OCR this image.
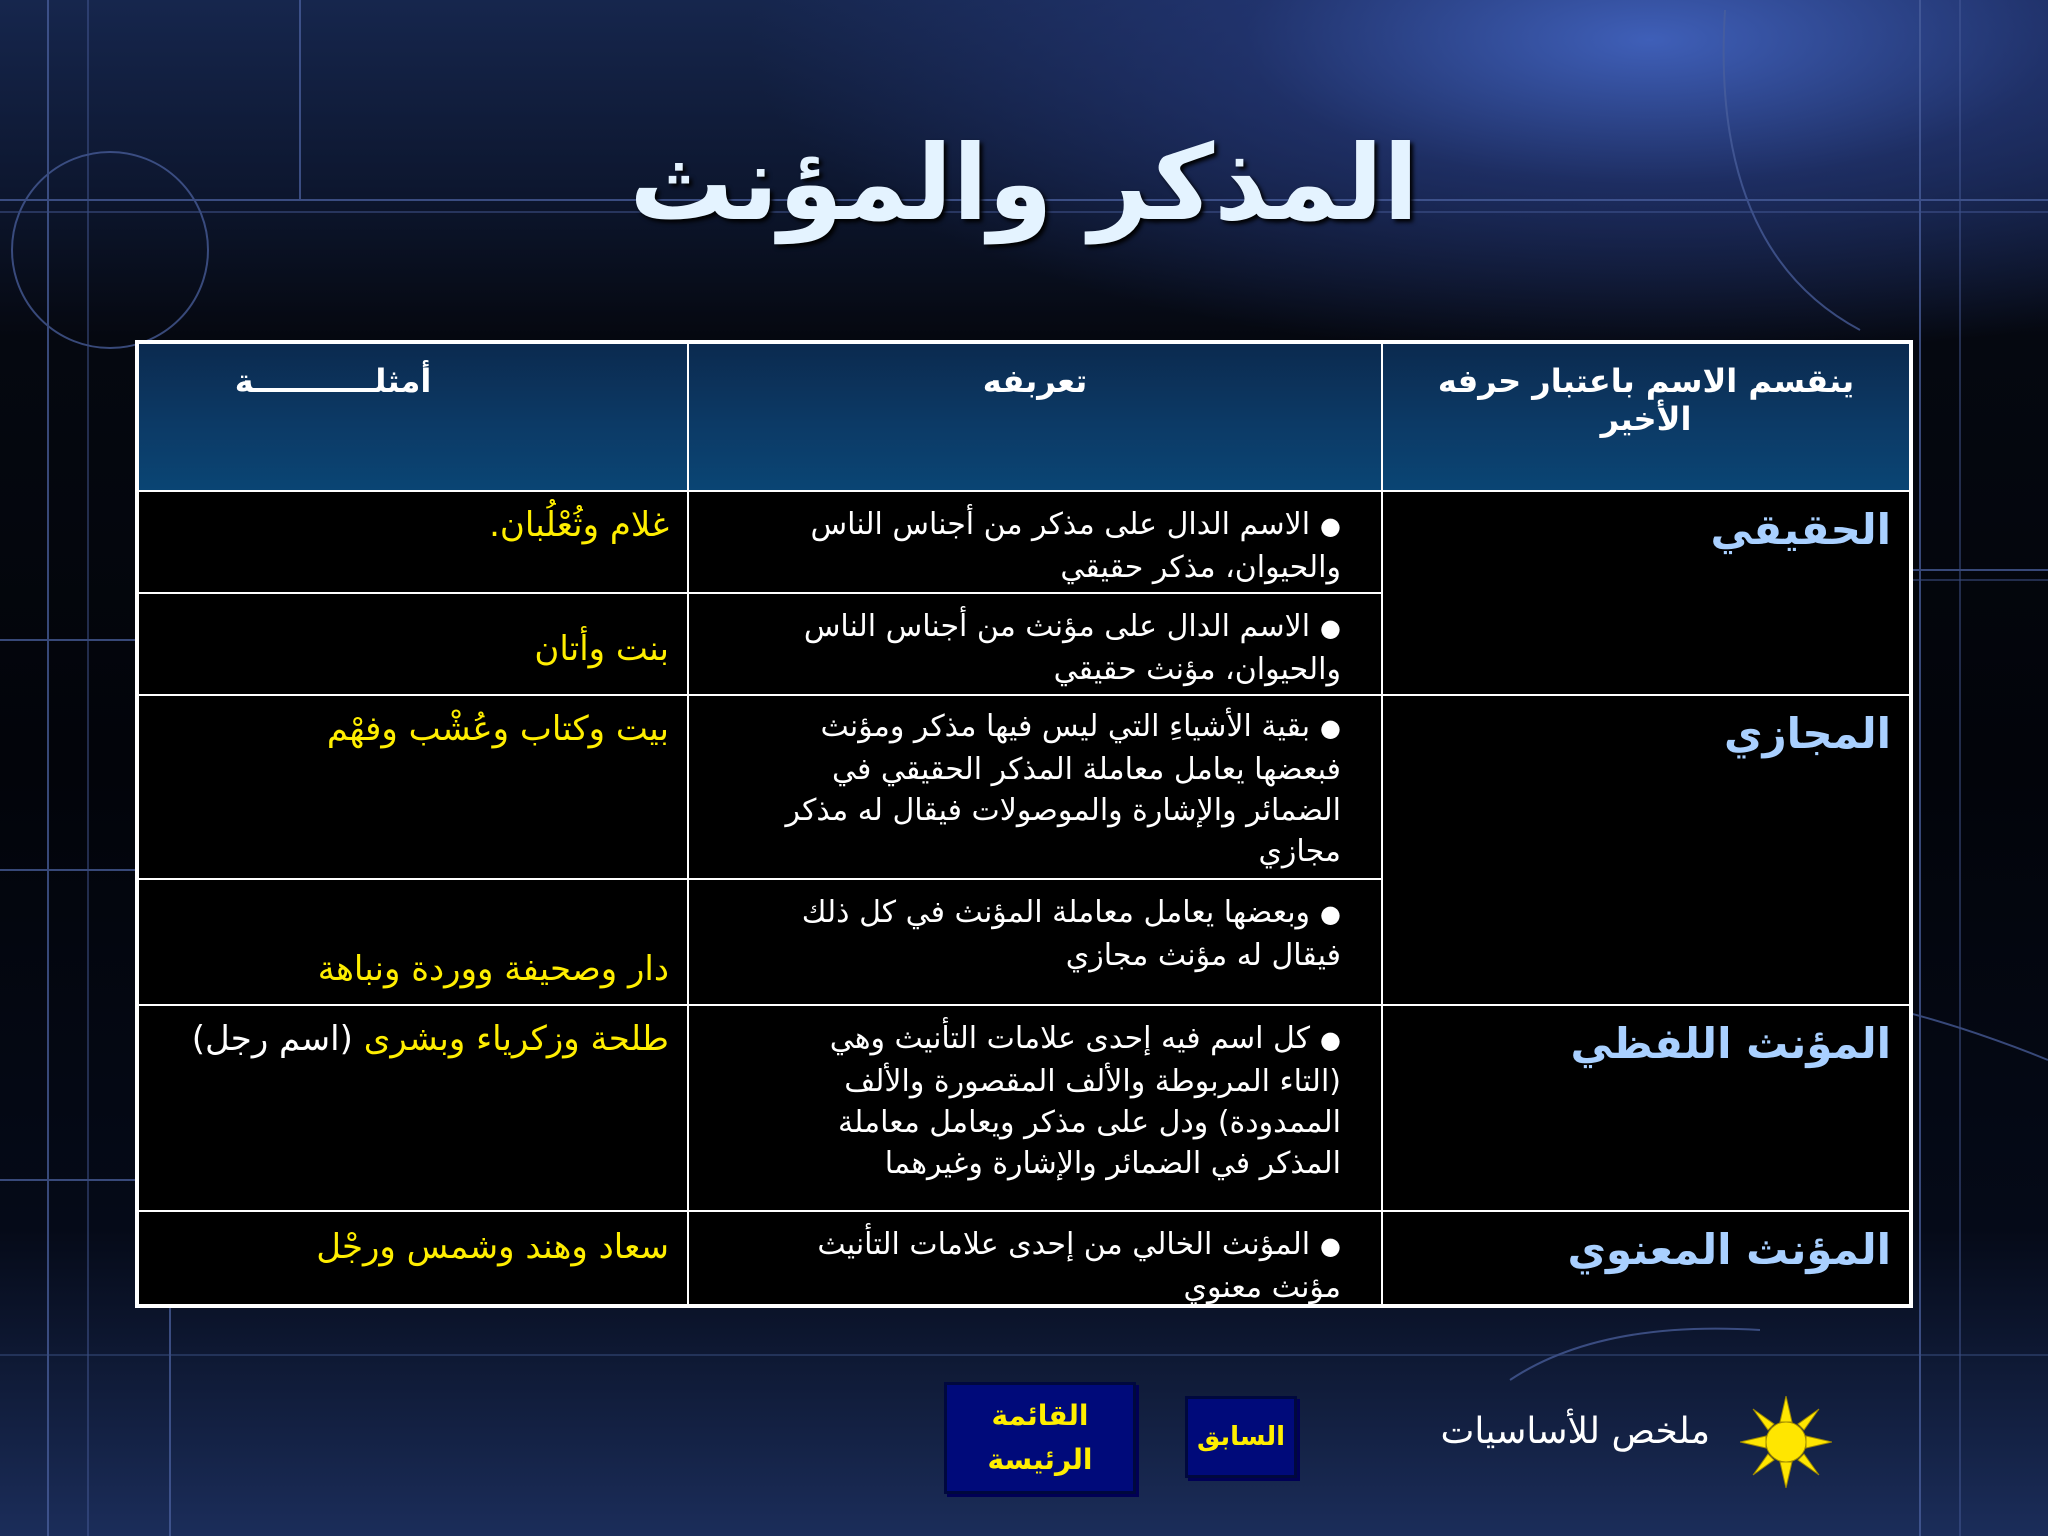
المذكر والمؤنث
ينقسم الاسم باعتبار حرفه الأخير
تعربفه
أمثلـــــــــــة
الحقيقي
المجازي
المؤنث اللفظي
المؤنث المعنوي
●الاسم الدال على مذكر من أجناس الناس
والحيوان، مذكر حقيقي
●الاسم الدال على مؤنث من أجناس الناس
والحيوان، مؤنث حقيقي
●بقية الأشياءِ التي ليس فيها مذكر ومؤنث
فبعضها يعامل معاملة المذكر الحقيقي في
الضمائر والإشارة والموصولات فيقال له مذكر
مجازي
●وبعضها يعامل معاملة المؤنث في كل ذلك
فيقال له مؤنث مجازي
●كل اسم فيه إحدى علامات التأنيث وهي
(التاء المربوطة والألف المقصورة والألف
الممدودة) ودل على مذكر ويعامل معاملة
المذكر في الضمائر والإشارة وغيرهما
●المؤنث الخالي من إحدى علامات التأنيث
مؤنث معنوي
غلام وثُعْلُبان.
بنت وأتان
بيت وكتاب وعُشْب وفهْم
دار وصحيفة ووردة ونباهة
طلحة وزكرياء وبشرى (اسم رجل)
سعاد وهند وشمس ورجْل
القائمة
الرئيسة
السابق	ملخص للأساسيات
